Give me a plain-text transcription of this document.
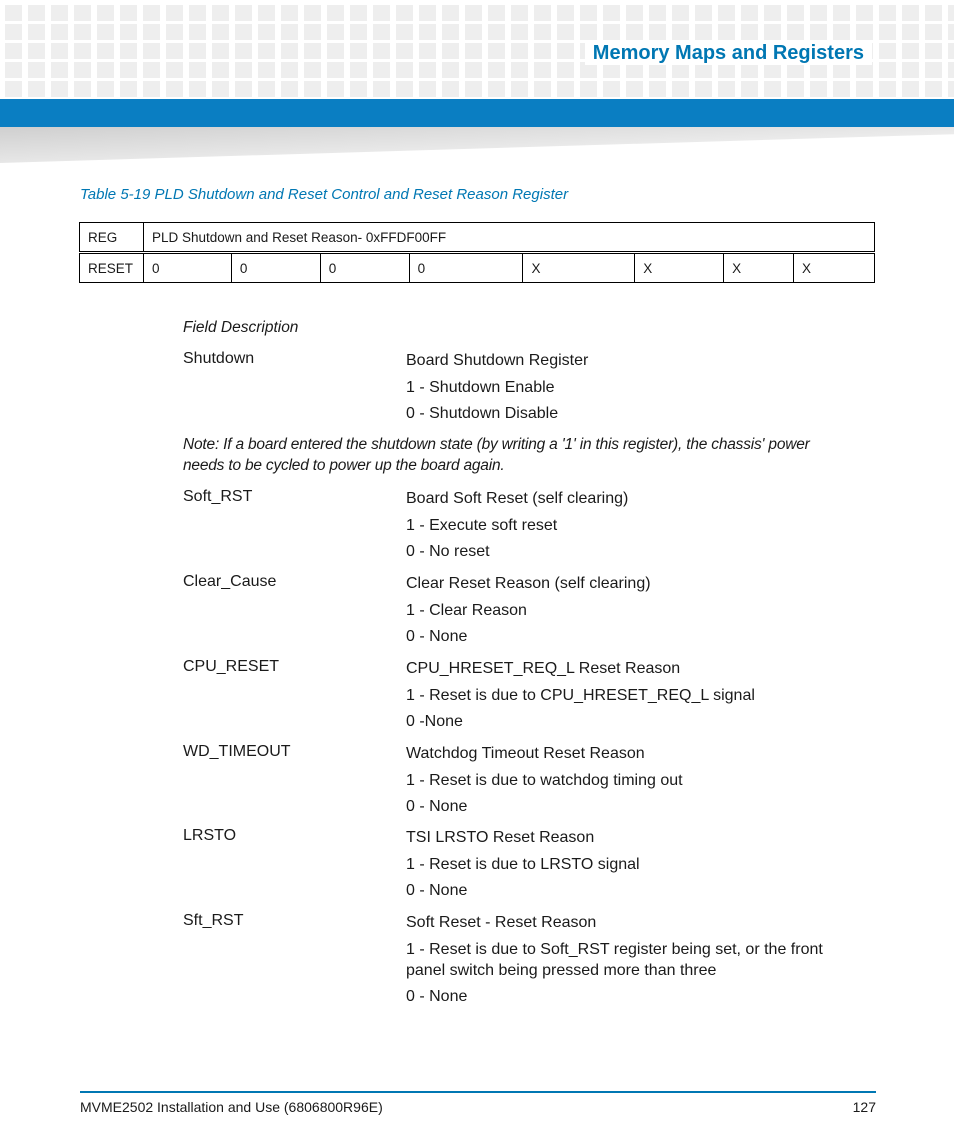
Memory Maps and Registers
Table 5-19 PLD Shutdown and Reset Control and Reset Reason Register
REG	PLD Shutdown and Reset Reason- 0xFFDF00FF							
RESET	0	0	0	0	X	X	X	X
Field Description
Shutdown	Board Shutdown Register
1 - Shutdown Enable
0 - Shutdown Disable
Note: If a board entered the shutdown state (by writing a '1' in this register), the chassis' power needs to be cycled to power up the board again.
Soft_RST	Board Soft Reset (self clearing)
1 - Execute soft reset
0 - No reset
Clear_Cause	Clear Reset Reason (self clearing)
1 - Clear Reason
0 - None
CPU_RESET	CPU_HRESET_REQ_L Reset Reason
1 - Reset is due to CPU_HRESET_REQ_L signal
0 -None
WD_TIMEOUT	Watchdog Timeout Reset Reason
1 - Reset is due to watchdog timing out
0 - None
LRSTO	TSI LRSTO Reset Reason
1 - Reset is due to LRSTO signal
0 - None
Sft_RST	Soft Reset - Reset Reason
1 - Reset is due to Soft_RST register being set, or the front panel switch being pressed more than three
0 - None
MVME2502 Installation and Use (6806800R96E)	127
